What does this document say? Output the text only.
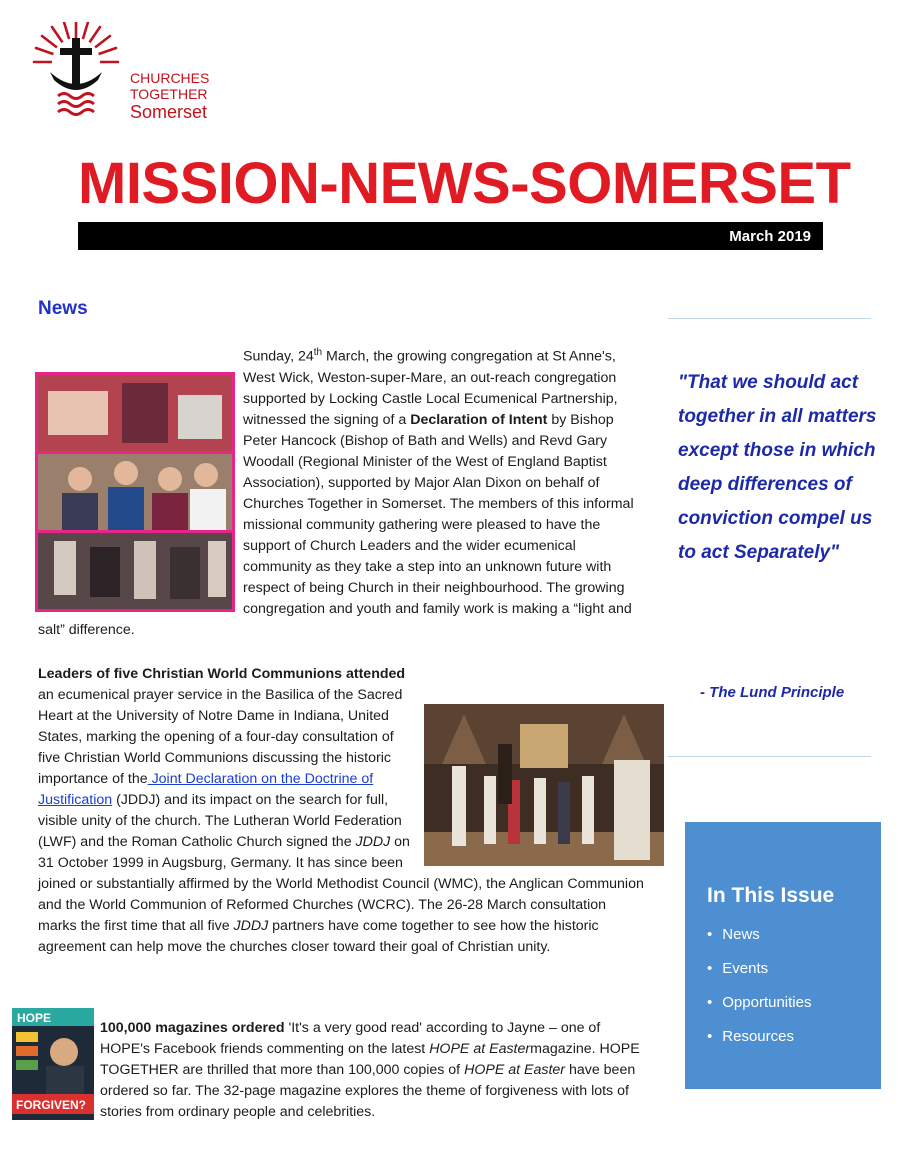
CHURCHES
TOGETHER
Somerset
MISSION-NEWS-SOMERSET
March 2019
News
Sunday, 24th March, the growing congregation at St Anne's, West Wick, Weston-super-Mare, an out-reach congregation supported by Locking Castle Local Ecumenical Partnership, witnessed the signing of a Declaration of Intent by Bishop Peter Hancock (Bishop of Bath and Wells) and Revd Gary Woodall (Regional Minister of the West of England Baptist Association), supported by Major Alan Dixon on behalf of Churches Together in Somerset. The members of this informal missional community gathering were pleased to have the support of Church Leaders and the wider ecumenical community as they take a step into an unknown future with respect of being Church in their neighbourhood. The growing congregation and youth and family work is making a “light and salt” difference.
Leaders of five Christian World Communions attended an ecumenical prayer service in the Basilica of the Sacred Heart at the University of Notre Dame in Indiana, United States, marking the opening of a four-day consultation of five Christian World Communions discussing the historic importance of the Joint Declaration on the Doctrine of Justification (JDDJ) and its impact on the search for full, visible unity of the church. The Lutheran World Federation (LWF) and the Roman Catholic Church signed the JDDJ on 31 October 1999 in Augsburg, Germany. It has since been joined or substantially affirmed by the World Methodist Council (WMC), the Anglican Communion and the World Communion of Reformed Churches (WCRC). The 26-28 March consultation marks the first time that all five JDDJ partners have come together to see how the historic agreement can help move the churches closer toward their goal of Christian unity.
HOPE
FORGIVEN?
100,000 magazines ordered 'It's a very good read' according to Jayne – one of HOPE's Facebook friends commenting on the latest HOPE at Eastermagazine. HOPE TOGETHER are thrilled that more than 100,000 copies of HOPE at Easter have been ordered so far. The 32-page magazine explores the theme of forgiveness with lots of stories from ordinary people and celebrities.
"That we should act together in all matters except those in which deep differences of conviction compel us to act Separately"
- The Lund Principle
In This Issue
• News
• Events
• Opportunities
• Resources
